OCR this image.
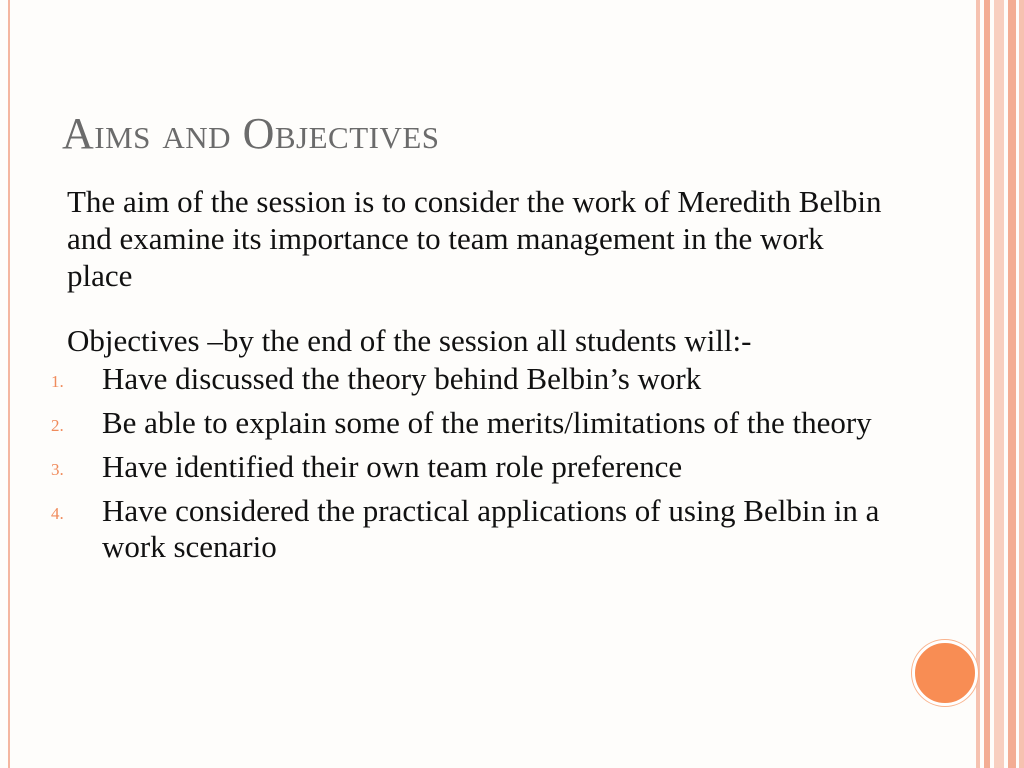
Aims and Objectives

The aim of the session is to consider the work of Meredith Belbin and examine its importance to team management in the work place

Objectives –by the end of the session all students will:-

1. Have discussed the theory behind Belbin’s work
2. Be able to explain some of the merits/limitations of the theory
3. Have identified their own team role preference
4. Have considered the practical applications of using Belbin in a work scenario
